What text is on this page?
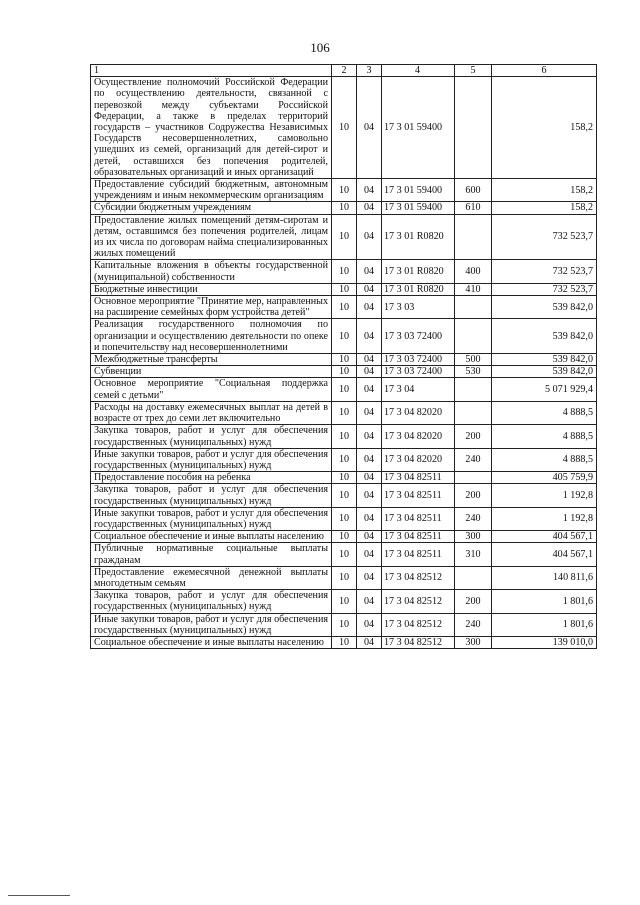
106
1	2	3	4	5	6
Осуществление полномочий Российской Федерации по осуществлению деятельности, связанной с перевозкой между субъектами Российской Федерации, а также в пределах территорий государств – участников Содружества Независимых Государств несовершеннолетних, самовольно ушедших из семей, организаций для детей-сирот и детей, оставшихся без попечения родителей, образовательных организаций и иных организаций	10	04	17 3 01 59400		158,2
Предоставление субсидий бюджетным, автономным учреждениям и иным некоммерческим организациям	10	04	17 3 01 59400	600	158,2
Субсидии бюджетным учреждениям	10	04	17 3 01 59400	610	158,2
Предоставление жилых помещений детям-сиротам и детям, оставшимся без попечения родителей, лицам из их числа по договорам найма специализированных жилых помещений	10	04	17 3 01 R0820		732 523,7
Капитальные вложения в объекты государственной (муниципальной) собственности	10	04	17 3 01 R0820	400	732 523,7
Бюджетные инвестиции	10	04	17 3 01 R0820	410	732 523,7
Основное мероприятие "Принятие мер, направленных на расширение семейных форм устройства детей"	10	04	17 3 03		539 842,0
Реализация государственного полномочия по организации и осуществлению деятельности по опеке и попечительству над несовершеннолетними	10	04	17 3 03 72400		539 842,0
Межбюджетные трансферты	10	04	17 3 03 72400	500	539 842,0
Субвенции	10	04	17 3 03 72400	530	539 842,0
Основное мероприятие "Социальная поддержка семей с детьми"	10	04	17 3 04		5 071 929,4
Расходы на доставку ежемесячных выплат на детей в возрасте от трех до семи лет включительно	10	04	17 3 04 82020		4 888,5
Закупка товаров, работ и услуг для обеспечения государственных (муниципальных) нужд	10	04	17 3 04 82020	200	4 888,5
Иные закупки товаров, работ и услуг для обеспечения государственных (муниципальных) нужд	10	04	17 3 04 82020	240	4 888,5
Предоставление пособия на ребенка	10	04	17 3 04 82511		405 759,9
Закупка товаров, работ и услуг для обеспечения государственных (муниципальных) нужд	10	04	17 3 04 82511	200	1 192,8
Иные закупки товаров, работ и услуг для обеспечения государственных (муниципальных) нужд	10	04	17 3 04 82511	240	1 192,8
Социальное обеспечение и иные выплаты населению	10	04	17 3 04 82511	300	404 567,1
Публичные нормативные социальные выплаты гражданам	10	04	17 3 04 82511	310	404 567,1
Предоставление ежемесячной денежной выплаты многодетным семьям	10	04	17 3 04 82512		140 811,6
Закупка товаров, работ и услуг для обеспечения государственных (муниципальных) нужд	10	04	17 3 04 82512	200	1 801,6
Иные закупки товаров, работ и услуг для обеспечения государственных (муниципальных) нужд	10	04	17 3 04 82512	240	1 801,6
Социальное обеспечение и иные выплаты населению	10	04	17 3 04 82512	300	139 010,0
